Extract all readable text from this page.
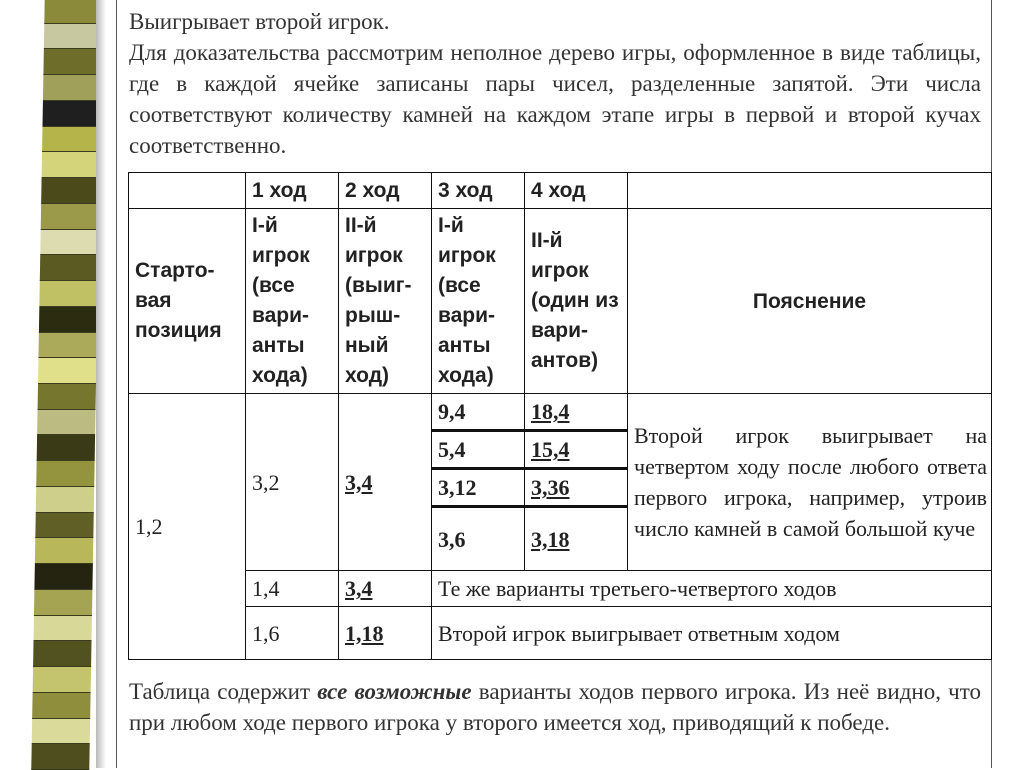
Выигрывает второй игрок.
Для доказательства рассмотрим неполное дерево игры, оформленное в виде таблицы, где в каждой ячейке записаны пары чисел, разделенные запятой. Эти числа соответствуют количеству камней на каждом этапе игры в первой и второй кучах соответственно.
	1 ход	2 ход	3 ход	4 ход	
Старто-вая позиция	I-й игрок (все вари-анты хода)	II-й игрок (выиг-рыш-ный ход)	I-й игрок (все вари-анты хода)	II-й игрок (один из вари-антов)	Пояснение
1,2	3,2	3,4	9,4	18,4	Второй игрок выигрывает на четвертом ходу после любого ответа первого игрока, например, утроив число камней в самой большой куче
			5,4	15,4	
			3,12	3,36	
			3,6	3,18	
	1,4	3,4	Те же варианты третьего-четвертого ходов		
	1,6	1,18	Второй игрок выигрывает ответным ходом		
Таблица содержит все возможные варианты ходов первого игрока. Из неё видно, что при любом ходе первого игрока у второго имеется ход, приводящий к победе.
